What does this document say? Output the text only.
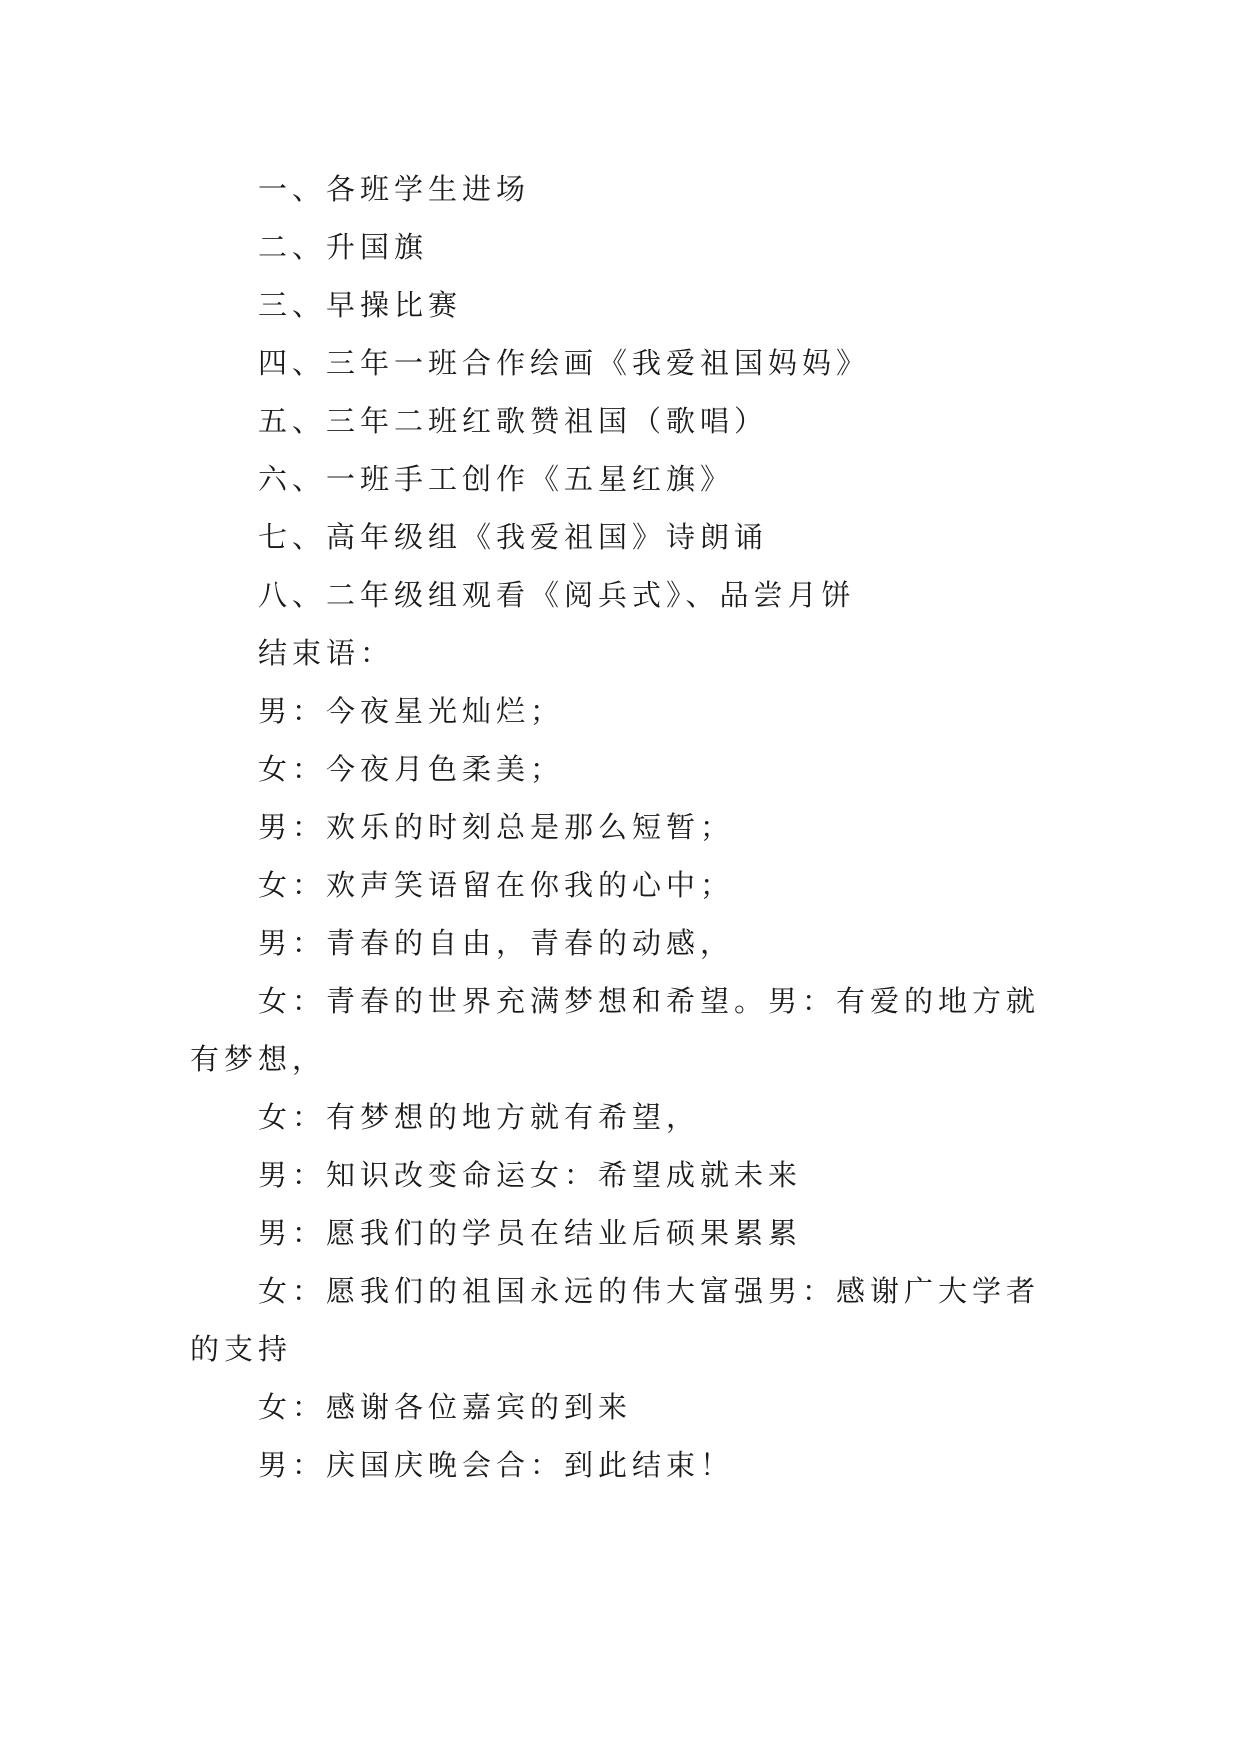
一、各班学生进场

二、升国旗

三、早操比赛

四、三年一班合作绘画《我爱祖国妈妈》

五、三年二班红歌赞祖国（歌唱）

六、一班手工创作《五星红旗》

七、高年级组《我爱祖国》诗朗诵

八、二年级组观看《阅兵式》、品尝月饼

结束语：

男：今夜星光灿烂；

女：今夜月色柔美；

男：欢乐的时刻总是那么短暂；

女：欢声笑语留在你我的心中；

男：青春的自由，青春的动感，

女：青春的世界充满梦想和希望。男：有爱的地方就有梦想，

女：有梦想的地方就有希望，

男：知识改变命运女：希望成就未来

男：愿我们的学员在结业后硕果累累

女：愿我们的祖国永远的伟大富强男：感谢广大学者的支持

女：感谢各位嘉宾的到来

男：庆国庆晚会合：到此结束！
